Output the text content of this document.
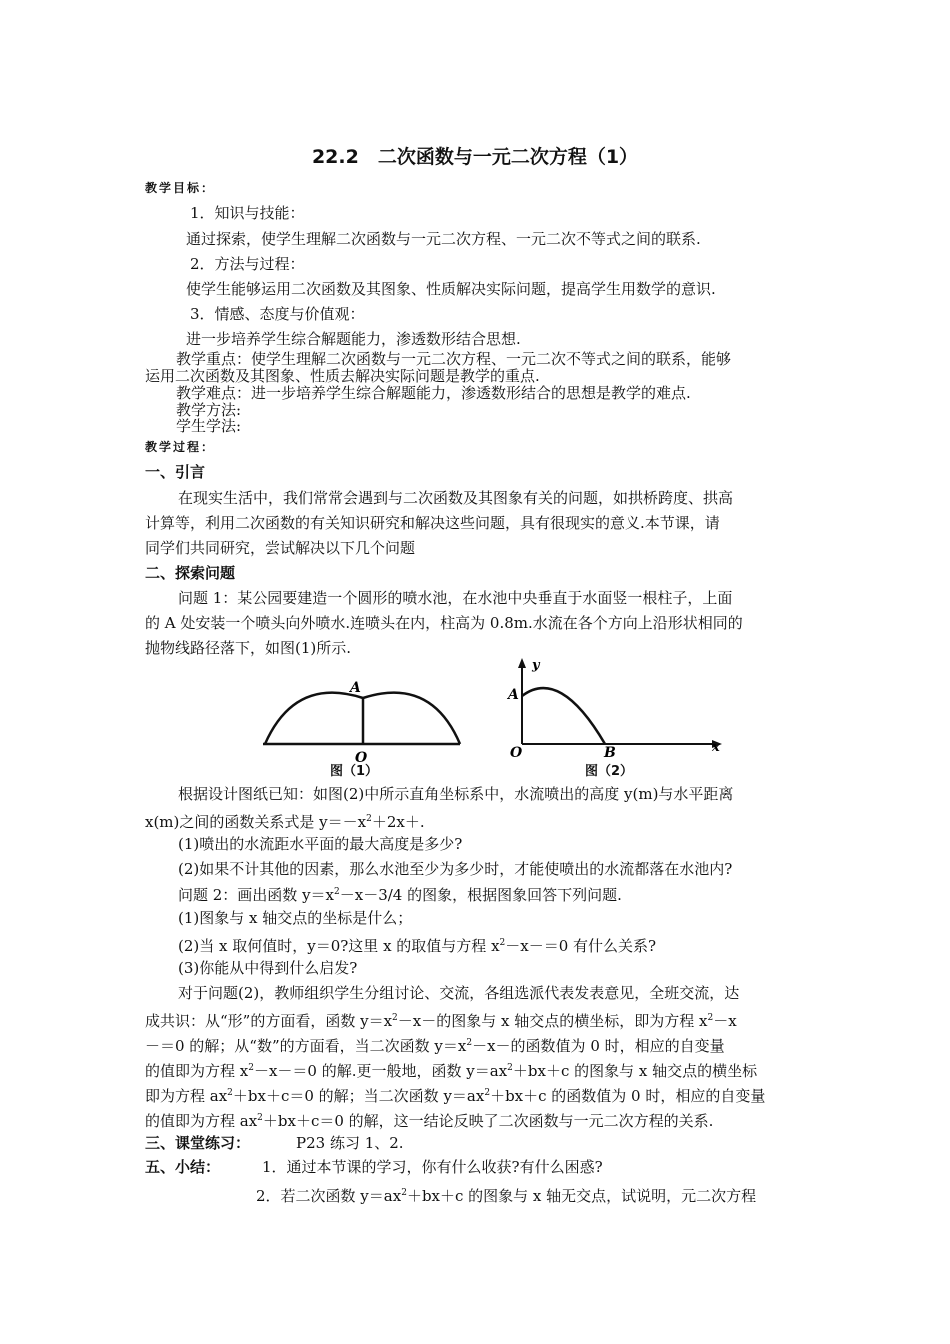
22.2　二次函数与一元二次方程（1）
教学目标：
1．知识与技能：
通过探索，使学生理解二次函数与一元二次方程、一元二次不等式之间的联系.
2．方法与过程：
使学生能够运用二次函数及其图象、性质解决实际问题，提高学生用数学的意识.
3．情感、态度与价值观：
进一步培养学生综合解题能力，渗透数形结合思想.
教学重点：使学生理解二次函数与一元二次方程、一元二次不等式之间的联系，能够
运用二次函数及其图象、性质去解决实际问题是教学的重点.
教学难点：进一步培养学生综合解题能力，渗透数形结合的思想是教学的难点.
教学方法:
学生学法:
教学过程：
一、引言
在现实生活中，我们常常会遇到与二次函数及其图象有关的问题，如拱桥跨度、拱高
计算等，利用二次函数的有关知识研究和解决这些问题，具有很现实的意义.本节课，请
同学们共同研究，尝试解决以下几个问题
二、探索问题
问题 1：某公园要建造一个圆形的喷水池，在水池中央垂直于水面竖一根柱子，上面
的 A 处安装一个喷头向外喷水.连喷头在内，柱高为 0.8m.水流在各个方向上沿形状相同的
抛物线路径落下，如图(1)所示.
A
O
图（1）
A
O	B
y
x
图（2）
根据设计图纸已知：如图(2)中所示直角坐标系中，水流喷出的高度 y(m)与水平距离
x(m)之间的函数关系式是 $y=-x^2+2x+$.
(1)喷出的水流距水平面的最大高度是多少?
(2)如果不计其他的因素，那么水池至少为多少时，才能使喷出的水流都落在水池内?
问题 2：画出函数 $y=x^2-x-3/4$ 的图象，根据图象回答下列问题.
(1)图象与 x 轴交点的坐标是什么；
(2)当 x 取何值时，y＝0?这里 x 的取值与方程 $x^2-x-=0$ 有什么关系?
(3)你能从中得到什么启发?
对于问题(2)，教师组织学生分组讨论、交流，各组选派代表发表意见，全班交流，达
成共识：从“形”的方面看，函数 $y=x^2-x-$的图象与 x 轴交点的横坐标，即为方程 $x^2-x$
－＝0 的解；从“数”的方面看，当二次函数 $y=x^2-x-$的函数值为 0 时，相应的自变量
的值即为方程 $x^2-x-=0$ 的解.更一般地，函数 $y=ax^2+bx+c$ 的图象与 x 轴交点的横坐标
即为方程 $ax^2+bx+c=0$ 的解；当二次函数 $y=ax^2+bx+c$ 的函数值为 0 时，相应的自变量
的值即为方程 $ax^2+bx+c=0$ 的解，这一结论反映了二次函数与一元二次方程的关系.
三、课堂练习：	P23 练习 1、2.
五、小结：	1．通过本节课的学习，你有什么收获?有什么困惑?
2．若二次函数 $y=ax^2+bx+c$ 的图象与 x 轴无交点，试说明，元二次方程
